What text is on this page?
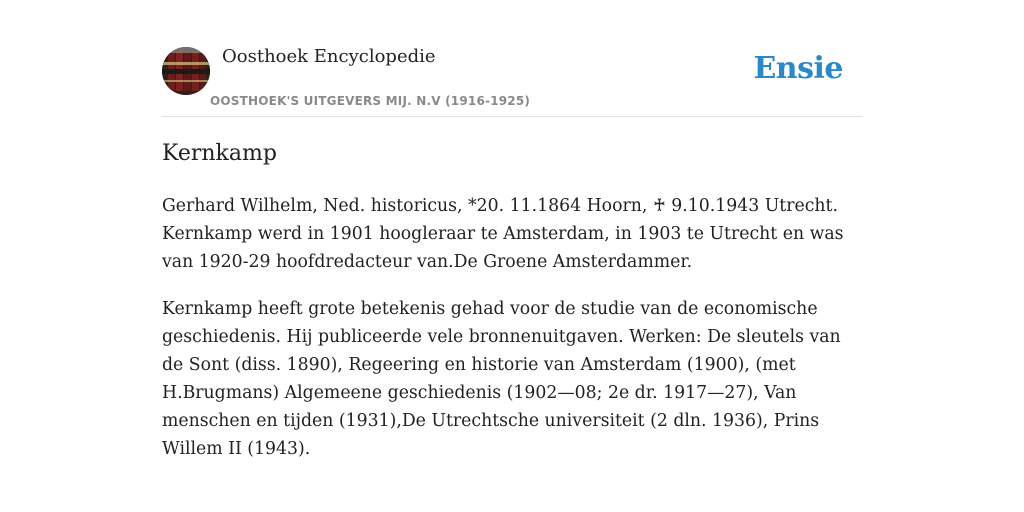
Oosthoek Encyclopedie
OOSTHOEK'S UITGEVERS MIJ. N.V (1916-1925)
Ensie
Kernkamp

Gerhard Wilhelm, Ned. historicus, *20. 11.1864 Hoorn, ♰ 9.10.1943 Utrecht. Kernkamp werd in 1901 hoogleraar te Amsterdam, in 1903 te Utrecht en was van 1920-29 hoofdredacteur van.De Groene Amsterdammer.

Kernkamp heeft grote betekenis gehad voor de studie van de economische geschiedenis. Hij publiceerde vele bronnenuitgaven. Werken: De sleutels van de Sont (diss. 1890), Regeering en historie van Amsterdam (1900), (met H.Brugmans) Algemeene geschiedenis (1902—08; 2e dr. 1917—27), Van menschen en tijden (1931),De Utrechtsche universiteit (2 dln. 1936), Prins Willem II (1943).
